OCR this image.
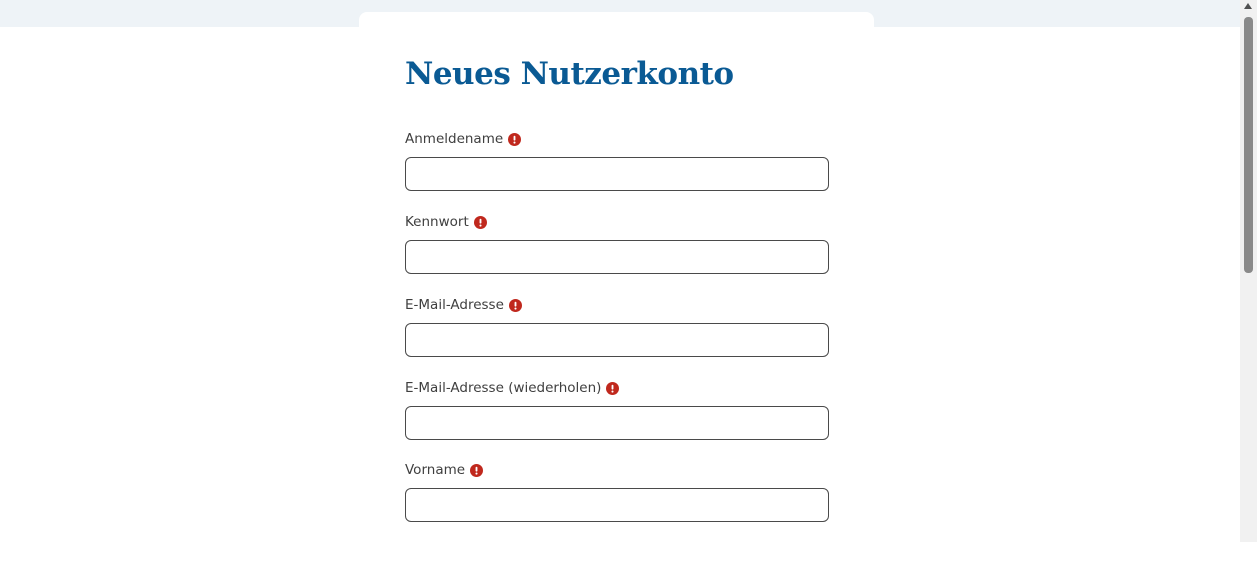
Neues Nutzerkonto
Anmeldename
Kennwort
E-Mail-Adresse
E-Mail-Adresse (wiederholen)
Vorname
